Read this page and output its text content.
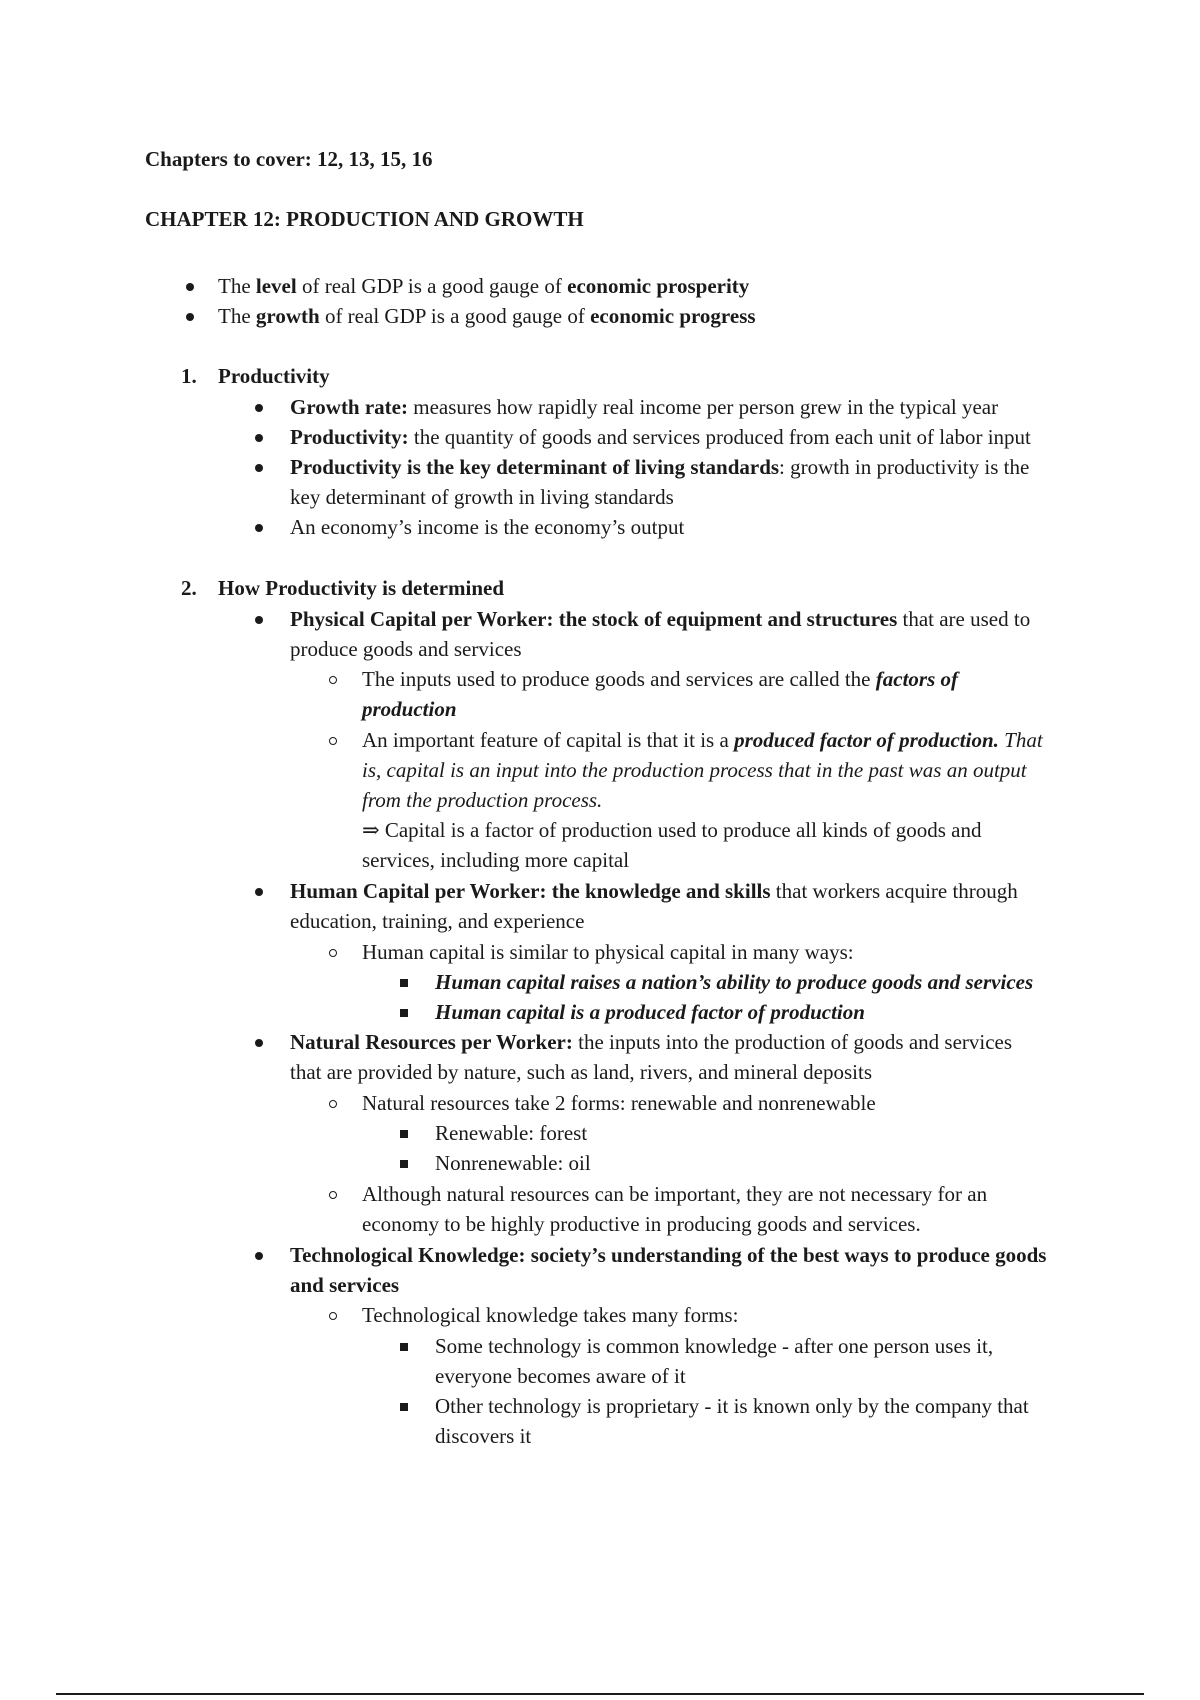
Chapters to cover: 12, 13, 15, 16
CHAPTER 12: PRODUCTION AND GROWTH
The level of real GDP is a good gauge of economic prosperity
The growth of real GDP is a good gauge of economic progress
1. Productivity
Growth rate: measures how rapidly real income per person grew in the typical year
Productivity: the quantity of goods and services produced from each unit of labor input
Productivity is the key determinant of living standards: growth in productivity is the
key determinant of growth in living standards
An economy’s income is the economy’s output
2. How Productivity is determined
Physical Capital per Worker: the stock of equipment and structures that are used to
produce goods and services
The inputs used to produce goods and services are called the factors of
production
An important feature of capital is that it is a produced factor of production. That
is, capital is an input into the production process that in the past was an output
from the production process.
⇒ Capital is a factor of production used to produce all kinds of goods and
services, including more capital
Human Capital per Worker: the knowledge and skills that workers acquire through
education, training, and experience
Human capital is similar to physical capital in many ways:
Human capital raises a nation’s ability to produce goods and services
Human capital is a produced factor of production
Natural Resources per Worker: the inputs into the production of goods and services
that are provided by nature, such as land, rivers, and mineral deposits
Natural resources take 2 forms: renewable and nonrenewable
Renewable: forest
Nonrenewable: oil
Although natural resources can be important, they are not necessary for an
economy to be highly productive in producing goods and services.
Technological Knowledge: society’s understanding of the best ways to produce goods
and services
Technological knowledge takes many forms:
Some technology is common knowledge - after one person uses it,
everyone becomes aware of it
Other technology is proprietary - it is known only by the company that
discovers it
